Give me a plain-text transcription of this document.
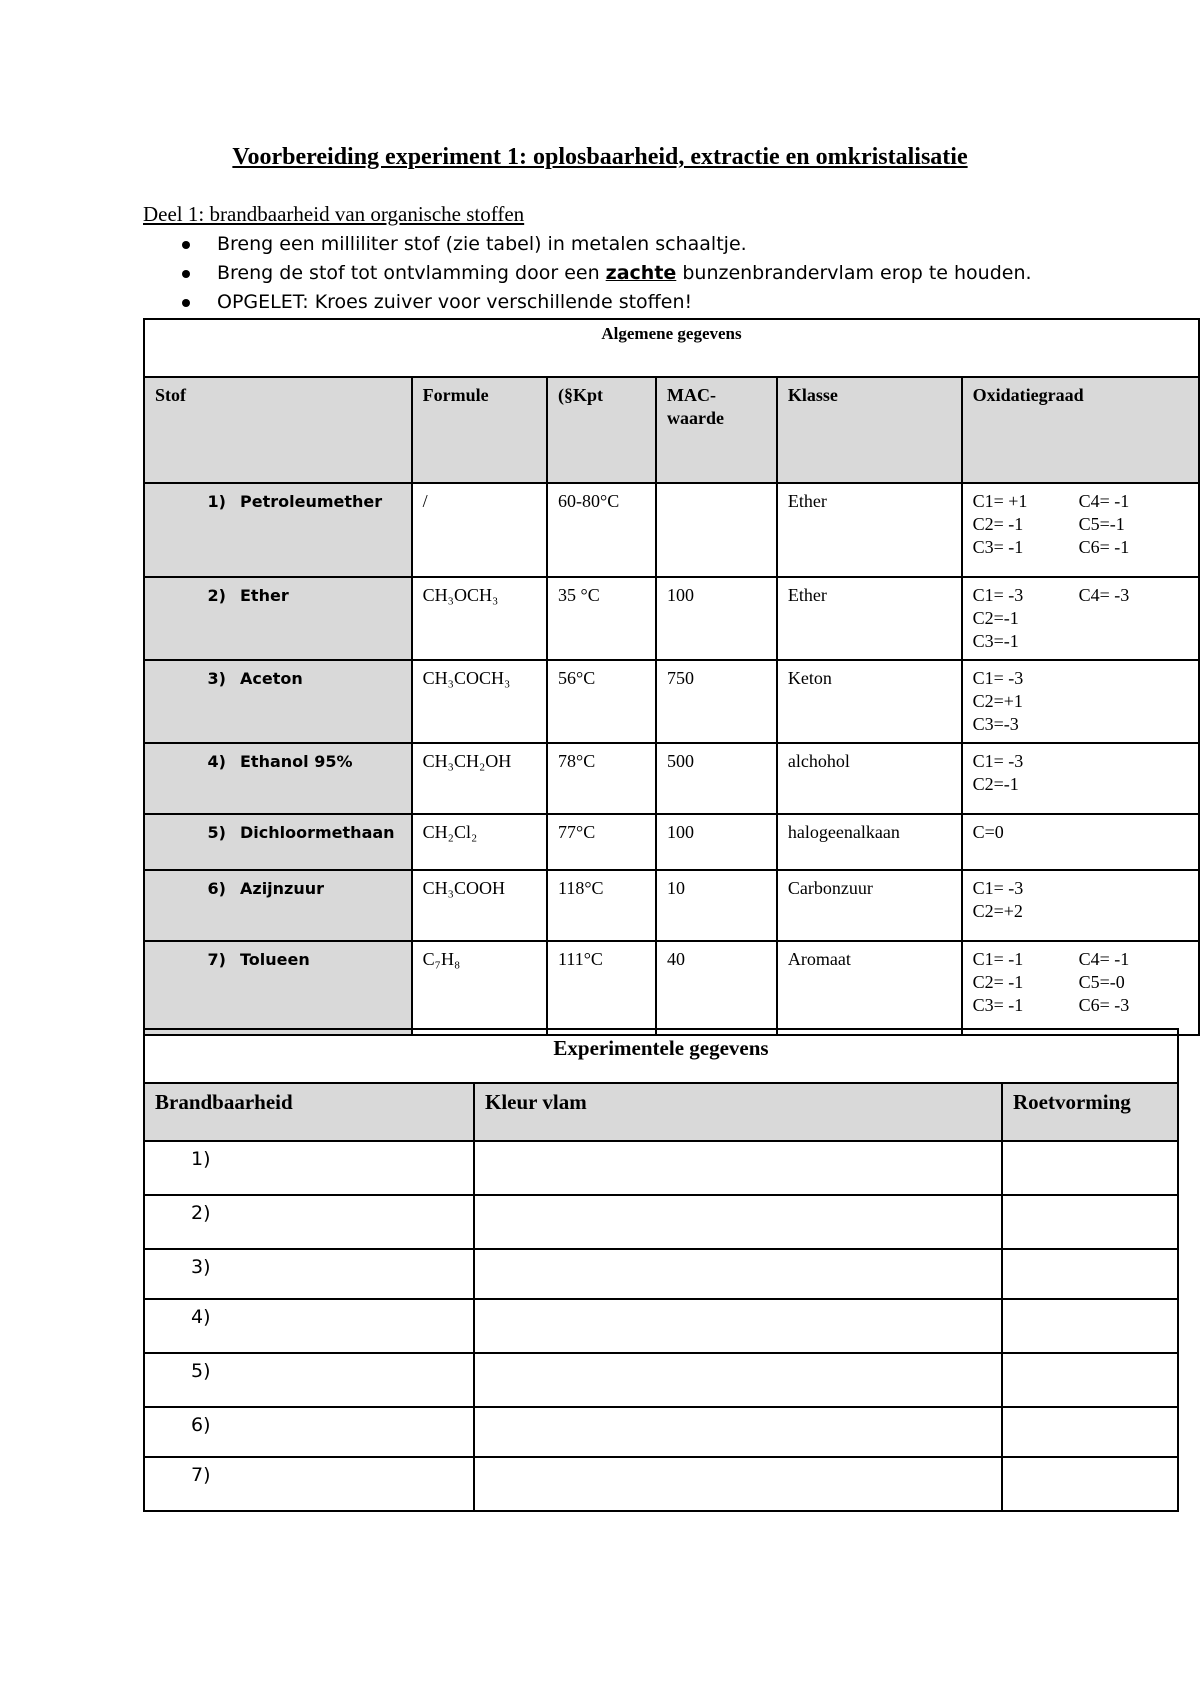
Voorbereiding experiment 1: oplosbaarheid, extractie en omkristalisatie
Deel 1: brandbaarheid van organische stoffen
Breng een milliliter stof (zie tabel) in metalen schaaltje.
Breng de stof tot ontvlamming door een zachte bunzenbrandervlam erop te houden.
OPGELET: Kroes zuiver voor verschillende stoffen!
Algemene gegevens					
Stof	Formule	(§Kpt	MAC-waarde	Klasse	Oxidatiegraad
1) Petroleumether	/	60-80°C		Ether	C1= +1 C4= -1
C2= -1 C5=-1
C3= -1 C6= -1

2) Ether	CH₃OCH₃	35 °C	100	Ether	C1= -3 C4= -3
C2=-1
C3=-1

3) Aceton	CH₃COCH₃	56°C	750	Keton	C1= -3
C2=+1
C3=-3

4) Ethanol 95%	CH₃CH₂OH	78°C	500	alchohol	C1= -3
C2=-1

5) Dichloormethaan	CH₂Cl₂	77°C	100	halogeenalkaan	C=0

6) Azijnzuur	CH₃COOH	118°C	10	Carbonzuur	C1= -3
C2=+2

7) Tolueen	C₇H₈	111°C	40	Aromaat	C1= -1 C4= -1
C2= -1 C5=-0
C3= -1 C6= -3
Experimentele gegevens		
Brandbaarheid	Kleur vlam	Roetvorming
1)		
2)		
3)		
4)		
5)		
6)		
7)		
